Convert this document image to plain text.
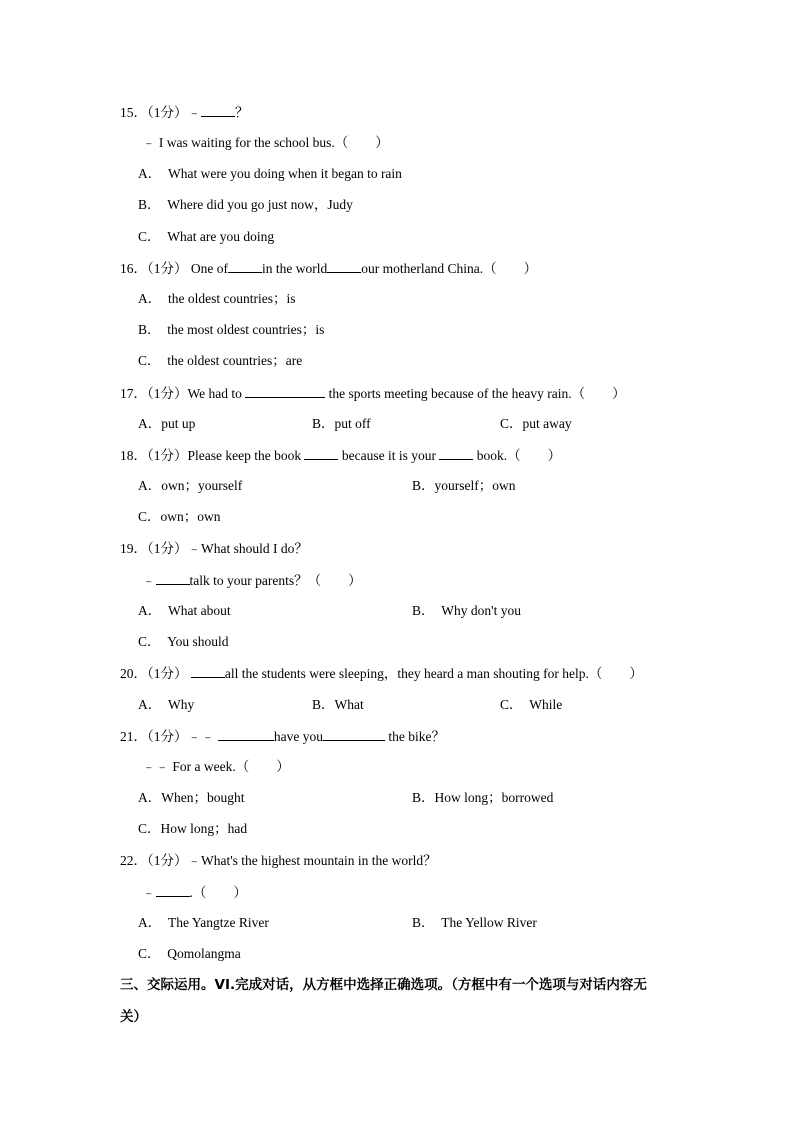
15．（1分）﹣	？
﹣ I was waiting for the school bus.（　　）
A． What were you doing when it began to rain
B． Where did you go just now，Judy
C． What are you doing
16．（1分） One of	in the world	our motherland China.（　　）
A． the oldest countries；is
B． the most oldest countries；is
C． the oldest countries；are
17．（1分）We had to	the sports meeting because of the heavy rain.（　　）
A．put up	B．put off	C．put away
18．（1分）Please keep the book	because it is your	book.（　　）
A．own；yourself	B．yourself；own
C．own；own
19．（1分）﹣What should I do？
﹣	talk to your parents？（　　）
A． What about	B． Why don't you
C． You should
20．（1分）	all the students were sleeping，they heard a man shouting for help.（　　）
A． Why	B．What	C． While
21．（1分）﹣﹣	have you	the bike？
﹣﹣ For a week.（　　）
A．When；bought	B．How long；borrowed
C．How long；had
22．（1分）﹣What's the highest mountain in the world？
﹣	.（　　）
A． The Yangtze River	B． The Yellow River
C． Qomolangma
三、交际运用。VI.完成对话，从方框中选择正确选项。（方框中有一个选项与对话内容无
关）
